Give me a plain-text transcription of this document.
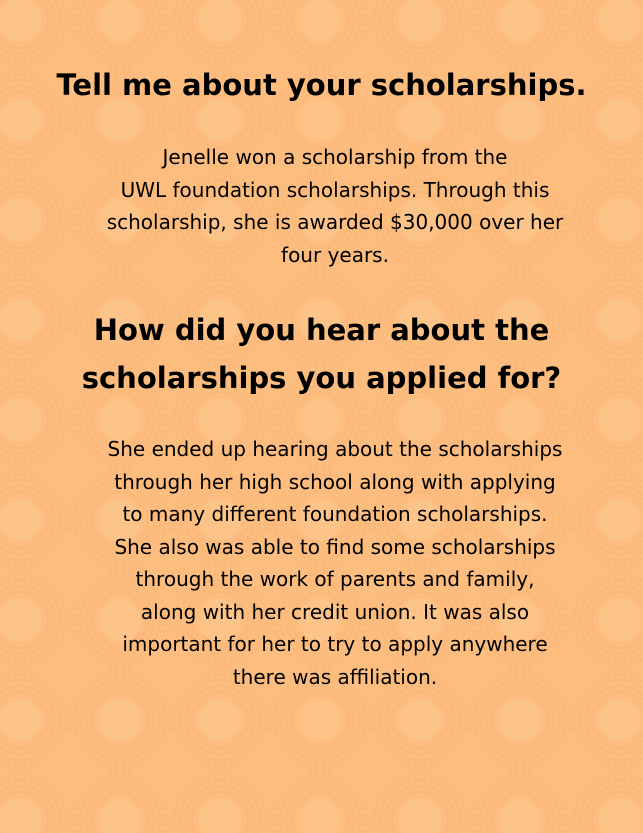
Tell me about your scholarships.

Jenelle won a scholarship from the
UWL foundation scholarships. Through this
scholarship, she is awarded $30,000 over her
four years.

How did you hear about the
scholarships you applied for?

She ended up hearing about the scholarships
through her high school along with applying
to many different foundation scholarships.
She also was able to find some scholarships
through the work of parents and family,
along with her credit union. It was also
important for her to try to apply anywhere
there was affiliation.
